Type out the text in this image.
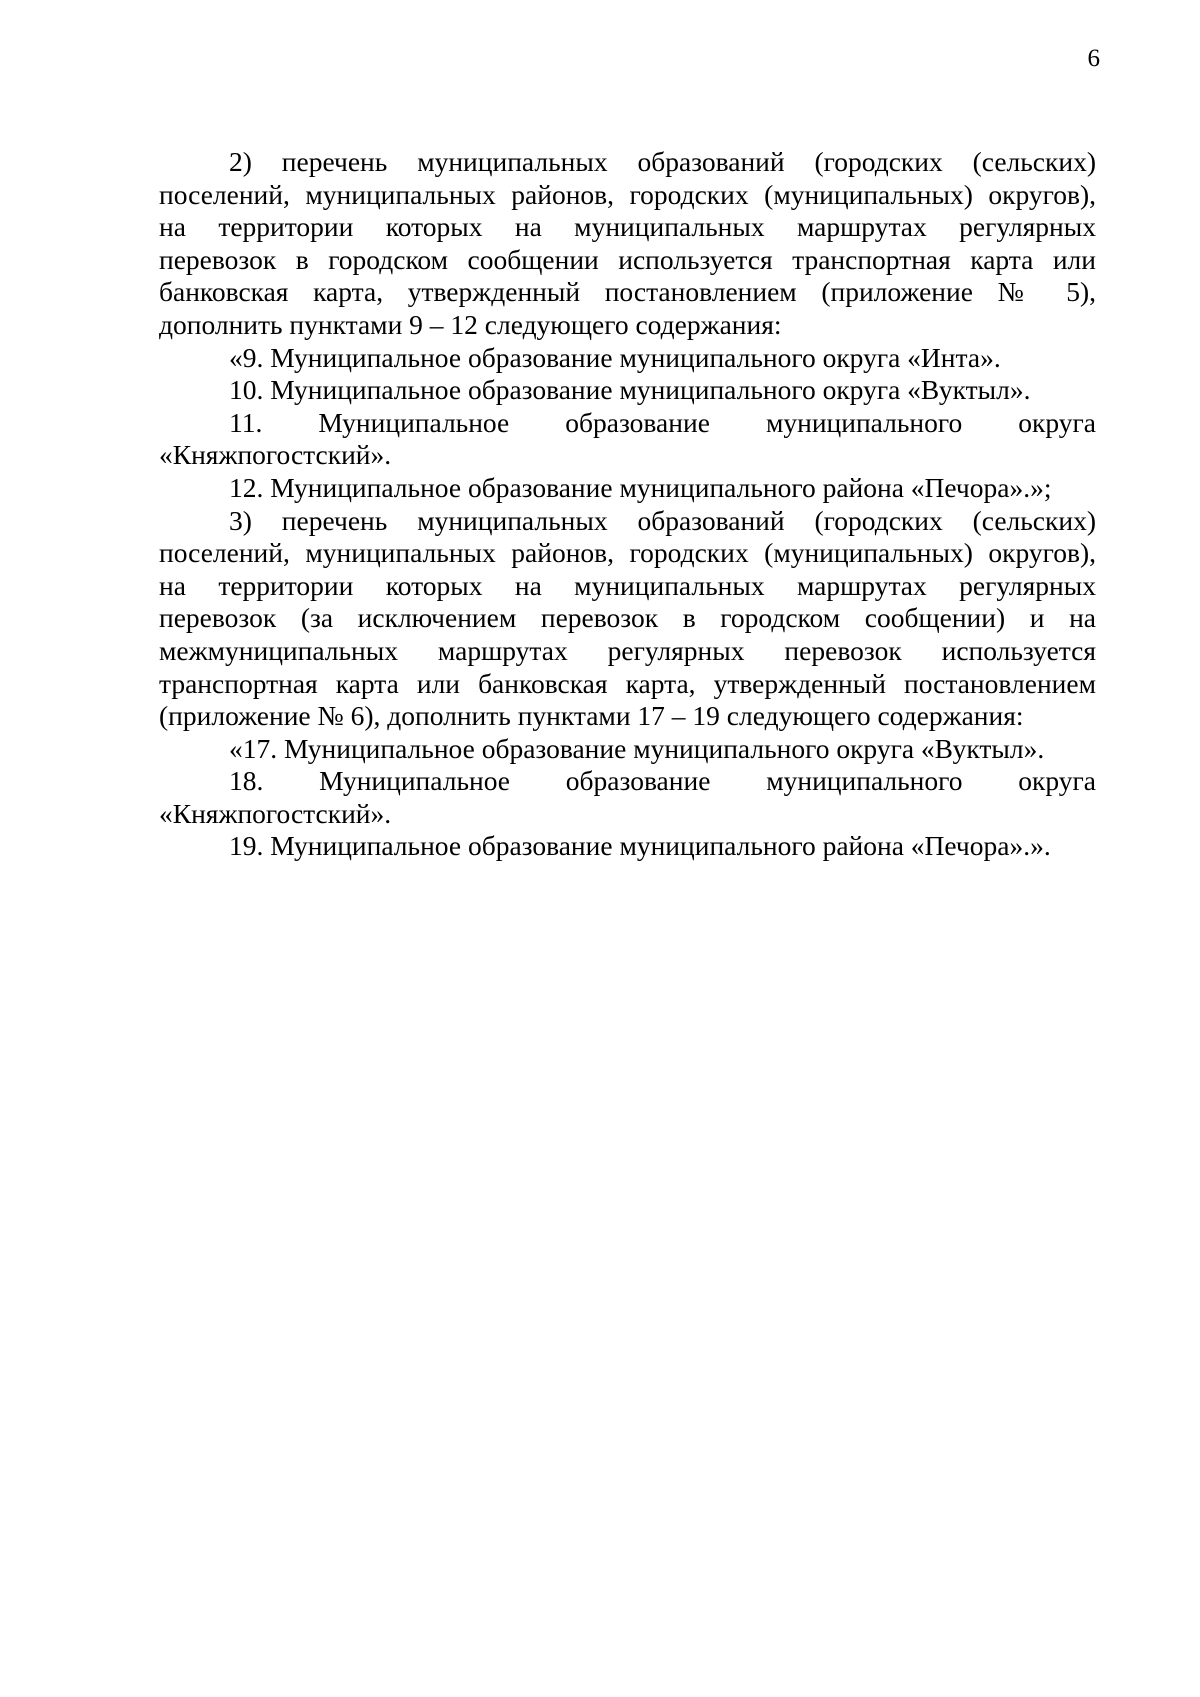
6
2) перечень муниципальных образований (городских (сельских)
поселений, муниципальных районов, городских (муниципальных) округов),
на территории которых на муниципальных маршрутах регулярных
перевозок в городском сообщении используется транспортная карта или
банковская карта, утвержденный постановлением (приложение № 5),
дополнить пунктами 9 – 12 следующего содержания:
«9. Муниципальное образование муниципального округа «Инта».
10. Муниципальное образование муниципального округа «Вуктыл».
11. Муниципальное образование муниципального округа
«Княжпогостский».
12. Муниципальное образование муниципального района «Печора».»;
3) перечень муниципальных образований (городских (сельских)
поселений, муниципальных районов, городских (муниципальных) округов),
на территории которых на муниципальных маршрутах регулярных
перевозок (за исключением перевозок в городском сообщении) и на
межмуниципальных маршрутах регулярных перевозок используется
транспортная карта или банковская карта, утвержденный постановлением
(приложение № 6), дополнить пунктами 17 – 19 следующего содержания:
«17. Муниципальное образование муниципального округа «Вуктыл».
18. Муниципальное образование муниципального округа
«Княжпогостский».
19. Муниципальное образование муниципального района «Печора».».
